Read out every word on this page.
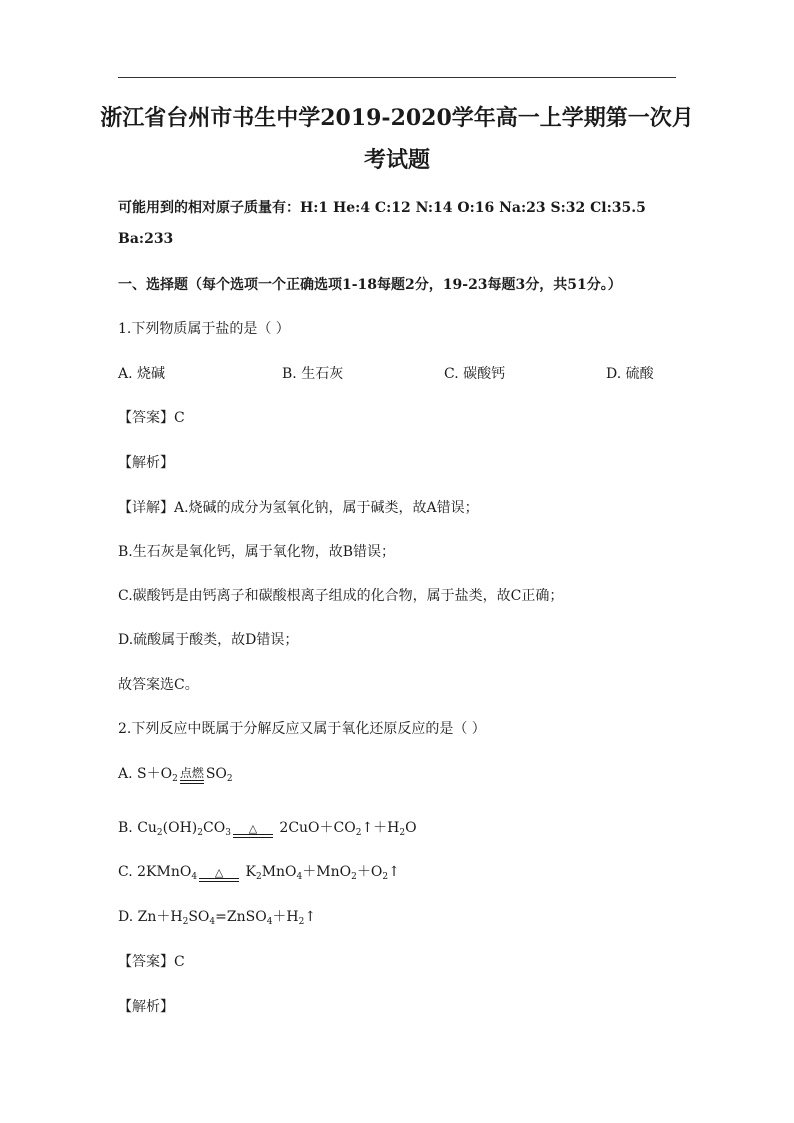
浙江省台州市书生中学2019-2020学年高一上学期第一次月
考试题
可能用到的相对原子质量有：H:1 He:4 C:12 N:14 O:16 Na:23 S:32 Cl:35.5
Ba:233
一、选择题（每个选项一个正确选项1-18每题2分，19-23每题3分，共51分。）
1.下列物质属于盐的是（ ）
A. 烧碱	B. 生石灰	C. 碳酸钙	D. 硫酸
【答案】C
【解析】
【详解】A.烧碱的成分为氢氧化钠，属于碱类，故A错误；
B.生石灰是氧化钙，属于氧化物，故B错误；
C.碳酸钙是由钙离子和碳酸根离子组成的化合物，属于盐类，故C正确；
D.硫酸属于酸类，故D错误；
故答案选C。
2.下列反应中既属于分解反应又属于氧化还原反应的是（ ）
A. $S+O_2$ 点燃 $SO_2$
B. $Cu_2(OH)_2CO_3$	△	$2CuO+CO_2↑+H_2O$
C. 2KMnO$_4$	△	$K_2MnO_4+MnO_2+O_2↑$
D. $Zn+H_2SO_4=ZnSO_4+H_2↑$
【答案】C
【解析】
